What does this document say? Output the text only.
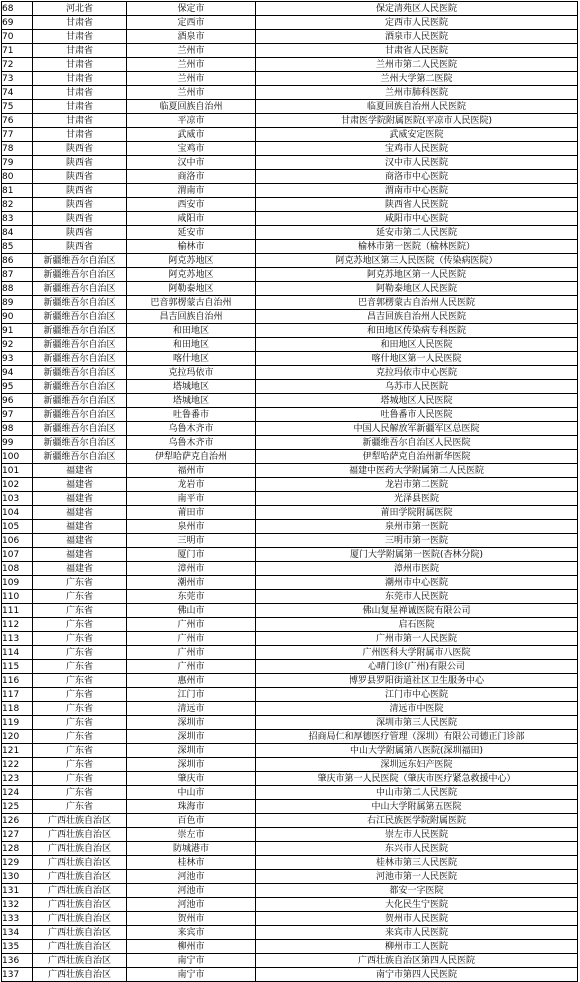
68	河北省	保定市	保定清苑区人民医院
69	甘肃省	定西市	定西市人民医院
70	甘肃省	酒泉市	酒泉市人民医院
71	甘肃省	兰州市	甘肃省人民医院
72	甘肃省	兰州市	兰州市第二人民医院
73	甘肃省	兰州市	兰州大学第二医院
74	甘肃省	兰州市	兰州市肺科医院
75	甘肃省	临夏回族自治州	临夏回族自治州人民医院
76	甘肃省	平凉市	甘肃医学院附属医院(平凉市人民医院)
77	甘肃省	武威市	武威安定医院
78	陕西省	宝鸡市	宝鸡市人民医院
79	陕西省	汉中市	汉中市人民医院
80	陕西省	商洛市	商洛市中心医院
81	陕西省	渭南市	渭南市中心医院
82	陕西省	西安市	陕西省人民医院
83	陕西省	咸阳市	咸阳市中心医院
84	陕西省	延安市	延安市第二人民医院
85	陕西省	榆林市	榆林市第一医院（榆林医院）
86	新疆维吾尔自治区	阿克苏地区	阿克苏地区第三人民医院（传染病医院）
87	新疆维吾尔自治区	阿克苏地区	阿克苏地区第一人民医院
88	新疆维吾尔自治区	阿勒泰地区	阿勒泰地区人民医院
89	新疆维吾尔自治区	巴音郭楞蒙古自治州	巴音郭楞蒙古自治州人民医院
90	新疆维吾尔自治区	昌吉回族自治州	昌吉回族自治州人民医院
91	新疆维吾尔自治区	和田地区	和田地区传染病专科医院
92	新疆维吾尔自治区	和田地区	和田地区人民医院
93	新疆维吾尔自治区	喀什地区	喀什地区第一人民医院
94	新疆维吾尔自治区	克拉玛依市	克拉玛依市中心医院
95	新疆维吾尔自治区	塔城地区	乌苏市人民医院
96	新疆维吾尔自治区	塔城地区	塔城地区人民医院
97	新疆维吾尔自治区	吐鲁番市	吐鲁番市人民医院
98	新疆维吾尔自治区	乌鲁木齐市	中国人民解放军新疆军区总医院
99	新疆维吾尔自治区	乌鲁木齐市	新疆维吾尔自治区人民医院
100	新疆维吾尔自治区	伊犁哈萨克自治州	伊犁哈萨克自治州新华医院
101	福建省	福州市	福建中医药大学附属第二人民医院
102	福建省	龙岩市	龙岩市第二医院
103	福建省	南平市	光泽县医院
104	福建省	莆田市	莆田学院附属医院
105	福建省	泉州市	泉州市第一医院
106	福建省	三明市	三明市第一医院
107	福建省	厦门市	厦门大学附属第一医院(杏林分院)
108	福建省	漳州市	漳州市医院
109	广东省	潮州市	潮州市中心医院
110	广东省	东莞市	东莞市人民医院
111	广东省	佛山市	佛山复星禅诚医院有限公司
112	广东省	广州市	启石医院
113	广东省	广州市	广州市第一人民医院
114	广东省	广州市	广州医科大学附属市八医院
115	广东省	广州市	心晴门诊(广州)有限公司
116	广东省	惠州市	博罗县罗阳街道社区卫生服务中心
117	广东省	江门市	江门市中心医院
118	广东省	清远市	清远市中医院
119	广东省	深圳市	深圳市第三人民医院
120	广东省	深圳市	招商局仁和厚德医疗管理（深圳）有限公司德正门诊部
121	广东省	深圳市	中山大学附属第八医院(深圳福田)
122	广东省	深圳市	深圳远东妇产医院
123	广东省	肇庆市	肇庆市第一人民医院（肇庆市医疗紧急救援中心）
124	广东省	中山市	中山市第二人民医院
125	广东省	珠海市	中山大学附属第五医院
126	广西壮族自治区	百色市	右江民族医学院附属医院
127	广西壮族自治区	崇左市	崇左市人民医院
128	广西壮族自治区	防城港市	东兴市人民医院
129	广西壮族自治区	桂林市	桂林市第三人民医院
130	广西壮族自治区	河池市	河池市第一人民医院
131	广西壮族自治区	河池市	都安一字医院
132	广西壮族自治区	河池市	大化民生宁医院
133	广西壮族自治区	贺州市	贺州市人民医院
134	广西壮族自治区	来宾市	来宾市人民医院
135	广西壮族自治区	柳州市	柳州市工人医院
136	广西壮族自治区	南宁市	广西壮族自治区第四人民医院
137	广西壮族自治区	南宁市	南宁市第四人民医院
